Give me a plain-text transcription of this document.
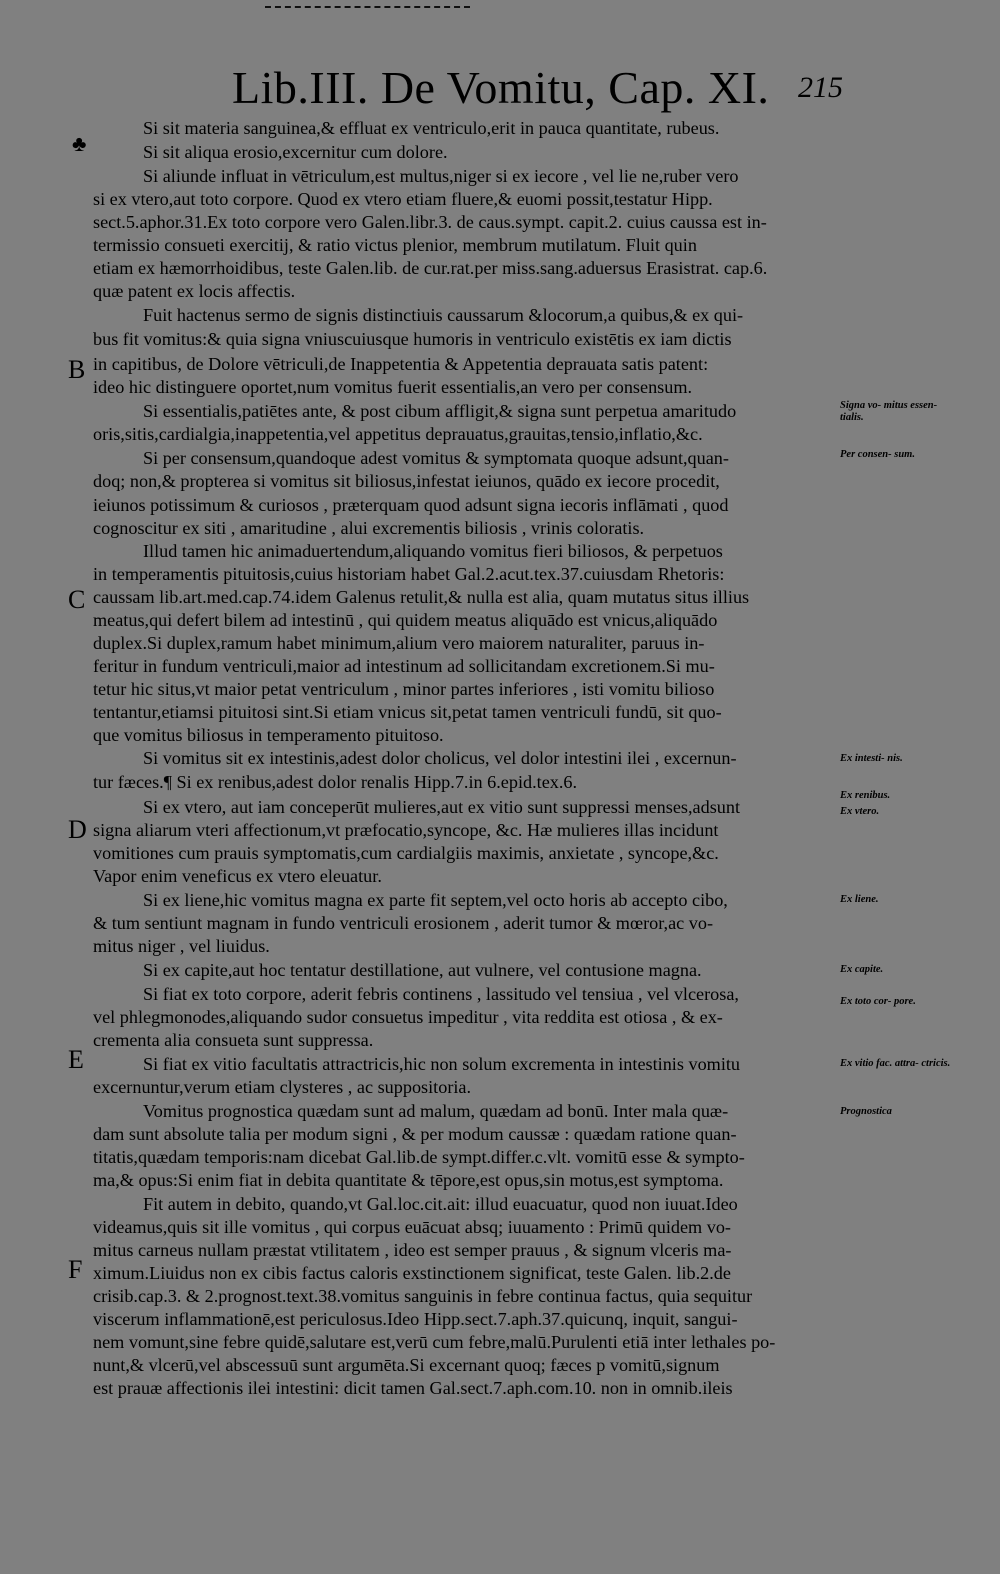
Lib.III. De Vomitu, Cap. XI. 215
♣
B
C
D
E
F
Si sit materia sanguinea,& effluat ex ventriculo,erit in pauca quantitate, rubeus.
Si sit aliqua erosio,excernitur cum dolore.
Si aliunde influat in vētriculum,est multus,niger si ex iecore , vel lie ne,ruber vero
si ex vtero,aut toto corpore. Quod ex vtero etiam fluere,& euomi possit,testatur Hipp.
sect.5.aphor.31.Ex toto corpore vero Galen.libr.3. de caus.sympt. capit.2. cuius caussa est in-
termissio consueti exercitij, & ratio victus plenior, membrum mutilatum. Fluit quin
etiam ex hæmorrhoidibus, teste Galen.lib. de cur.rat.per miss.sang.aduersus Erasistrat. cap.6.
quæ patent ex locis affectis.
Fuit hactenus sermo de signis distinctiuis caussarum &locorum,a quibus,& ex qui-
bus fit vomitus:& quia signa vniuscuiusque humoris in ventriculo existētis ex iam dictis
in capitibus, de Dolore vētriculi,de Inappetentia & Appetentia deprauata satis patent:
ideo hic distinguere oportet,num vomitus fuerit essentialis,an vero per consensum.
Si essentialis,patiētes ante, & post cibum affligit,& signa sunt perpetua amaritudo
oris,sitis,cardialgia,inappetentia,vel appetitus deprauatus,grauitas,tensio,inflatio,&c.
Si per consensum,quandoque adest vomitus & symptomata quoque adsunt,quan-
doq; non,& propterea si vomitus sit biliosus,infestat ieiunos, quādo ex iecore procedit,
ieiunos potissimum & curiosos , præterquam quod adsunt signa iecoris inflāmati , quod
cognoscitur ex siti , amaritudine , alui excrementis biliosis , vrinis coloratis.
Illud tamen hic animaduertendum,aliquando vomitus fieri biliosos, & perpetuos
in temperamentis pituitosis,cuius historiam habet Gal.2.acut.tex.37.cuiusdam Rhetoris:
caussam lib.art.med.cap.74.idem Galenus retulit,& nulla est alia, quam mutatus situs illius
meatus,qui defert bilem ad intestinū , qui quidem meatus aliquādo est vnicus,aliquādo
duplex.Si duplex,ramum habet minimum,alium vero maiorem naturaliter, paruus in-
feritur in fundum ventriculi,maior ad intestinum ad sollicitandam excretionem.Si mu-
tetur hic situs,vt maior petat ventriculum , minor partes inferiores , isti vomitu bilioso
tentantur,etiamsi pituitosi sint.Si etiam vnicus sit,petat tamen ventriculi fundū, sit quo-
que vomitus biliosus in temperamento pituitoso.
Si vomitus sit ex intestinis,adest dolor cholicus, vel dolor intestini ilei , excernun-
tur fæces.¶ Si ex renibus,adest dolor renalis Hipp.7.in 6.epid.tex.6.
Si ex vtero, aut iam conceperūt mulieres,aut ex vitio sunt suppressi menses,adsunt
signa aliarum vteri affectionum,vt præfocatio,syncope, &c. Hæ mulieres illas incidunt
vomitiones cum prauis symptomatis,cum cardialgiis maximis, anxietate , syncope,&c.
Vapor enim veneficus ex vtero eleuatur.
Si ex liene,hic vomitus magna ex parte fit septem,vel octo horis ab accepto cibo,
& tum sentiunt magnam in fundo ventriculi erosionem , aderit tumor & mœror,ac vo-
mitus niger , vel liuidus.
Si ex capite,aut hoc tentatur destillatione, aut vulnere, vel contusione magna.
Si fiat ex toto corpore, aderit febris continens , lassitudo vel tensiua , vel vlcerosa,
vel phlegmonodes,aliquando sudor consuetus impeditur , vita reddita est otiosa , & ex-
crementa alia consueta sunt suppressa.
Si fiat ex vitio facultatis attractricis,hic non solum excrementa in intestinis vomitu
excernuntur,verum etiam clysteres , ac suppositoria.
Vomitus prognostica quædam sunt ad malum, quædam ad bonū. Inter mala quæ-
dam sunt absolute talia per modum signi , & per modum caussæ : quædam ratione quan-
titatis,quædam temporis:nam dicebat Gal.lib.de sympt.differ.c.vlt. vomitū esse & sympto-
ma,& opus:Si enim fiat in debita quantitate & tēpore,est opus,sin motus,est symptoma.
Fit autem in debito, quando,vt Gal.loc.cit.ait: illud euacuatur, quod non iuuat.Ideo
videamus,quis sit ille vomitus , qui corpus euācuat absq; iuuamento : Primū quidem vo-
mitus carneus nullam præstat vtilitatem , ideo est semper prauus , & signum vlceris ma-
ximum.Liuidus non ex cibis factus caloris exstinctionem significat, teste Galen. lib.2.de
crisib.cap.3. & 2.prognost.text.38.vomitus sanguinis in febre continua factus, quia sequitur
viscerum inflammationē,est periculosus.Ideo Hipp.sect.7.aph.37.quicunq, inquit, sangui-
nem vomunt,sine febre quidē,salutare est,verū cum febre,malū.Purulenti etiā inter lethales po-
nunt,& vlcerū,vel abscessuū sunt argumēta.Si excernant quoq; fæces p vomitū,signum
est prauæ affectionis ilei intestini: dicit tamen Gal.sect.7.aph.com.10. non in omnib.ileis
Signa vo- mitus essen- tialis.
Per consen- sum.
Ex intesti- nis.
Ex renibus.
Ex vtero.
Ex liene.
Ex capite.
Ex toto cor- pore.
Ex vitio fac. attra- ctricis.
Prognostica
